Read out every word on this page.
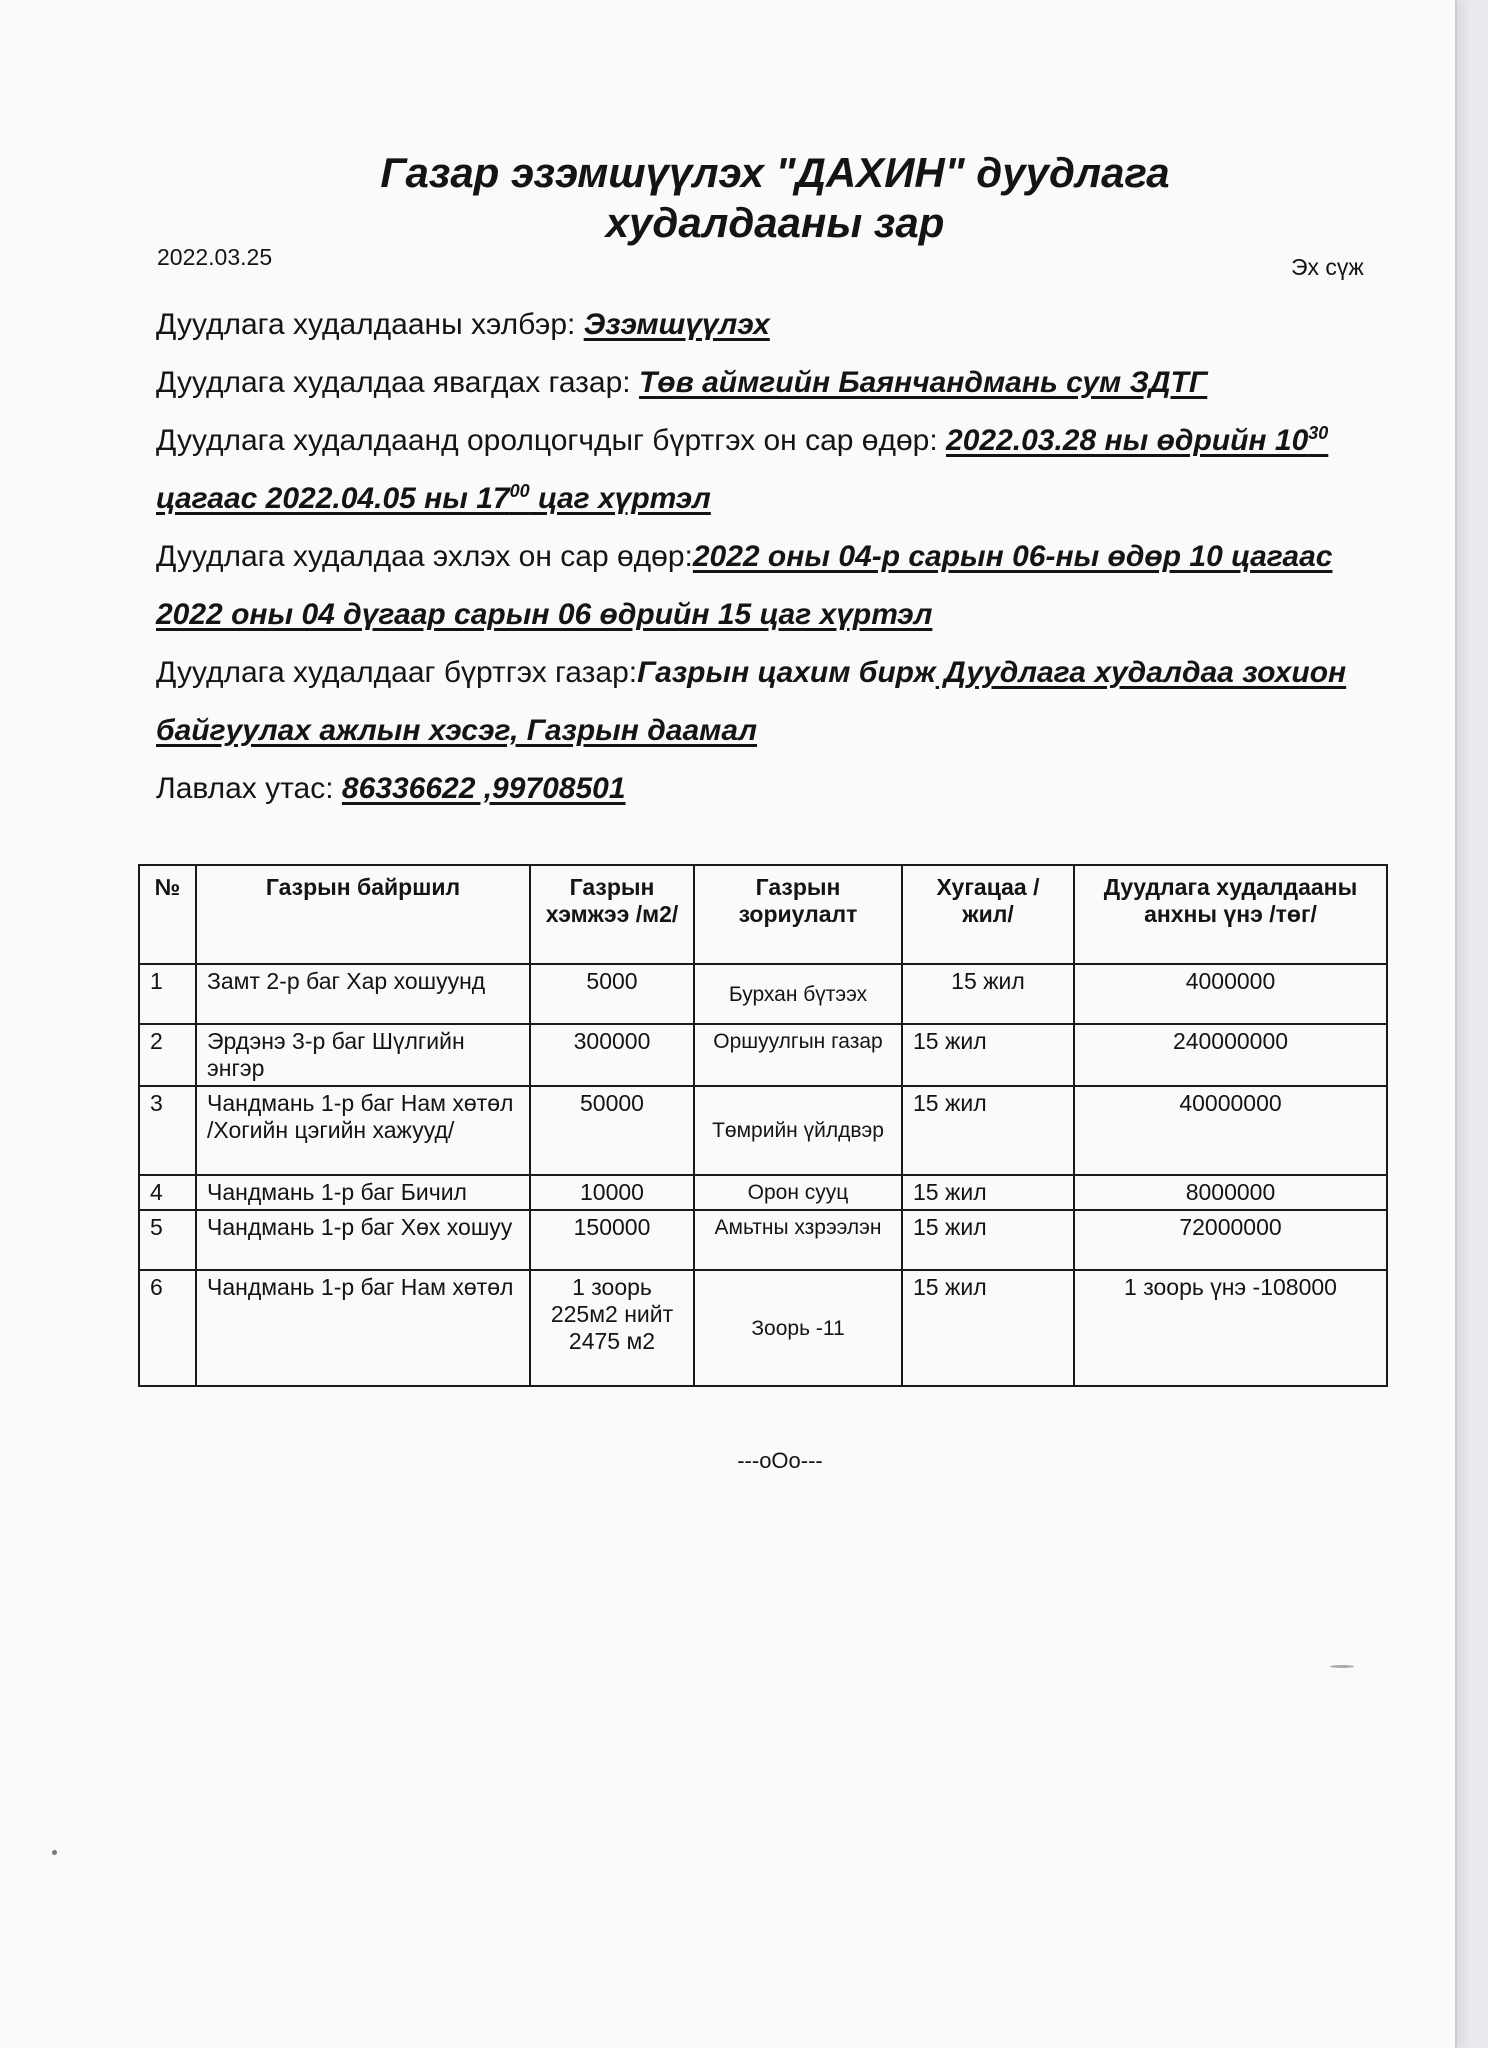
Газар эзэмшүүлэх "ДАХИН" дуудлага
худалдааны зар
2022.03.25	Эх сүж

Дуудлага худалдааны хэлбэр: Эзэмшүүлэх

Дуудлага худалдаа явагдах газар: Төв аймгийн Баянчандмань сум ЗДТГ

Дуудлага худалдаанд оролцогчдыг бүртгэх он сар өдөр: 2022.03.28 ны өдрийн $10^{30}$ цагаас 2022.04.05 ны $17^{00}$ цаг хүртэл

Дуудлага худалдаа эхлэх он сар өдөр:2022 оны 04-р сарын 06-ны өдөр 10 цагаас 2022 оны 04 дүгаар сарын 06 өдрийн 15 цаг хүртэл

Дуудлага худалдааг бүртгэх газар:Газрын цахим бирж Дуудлага худалдаа зохион байгуулах ажлын хэсэг, Газрын даамал

Лавлах утас: 86336622 ,99708501

№	Газрын байршил	Газрын хэмжээ /м2/	Газрын зориулалт	Хугацаа /жил/	Дуудлага худалдааны анхны үнэ /төг/
1	Замт 2-р баг Хар хошуунд	5000	Бурхан бүтээх	15 жил	4000000
2	Эрдэнэ 3-р баг Шүлгийн энгэр	300000	Оршуулгын газар	15 жил	240000000
3	Чандмань 1-р баг Нам хөтөл /Хогийн цэгийн хажууд/	50000	Төмрийн үйлдвэр	15 жил	40000000
4	Чандмань 1-р баг Бичил	10000	Орон сууц	15 жил	8000000
5	Чандмань 1-р баг Хөх хошуу	150000	Амьтны хзрээлэн	15 жил	72000000
6	Чандмань 1-р баг Нам хөтөл	1 зоорь 225м2 нийт 2475 м2	Зоорь -11	15 жил	1 зоорь үнэ -108000
---oOo---
